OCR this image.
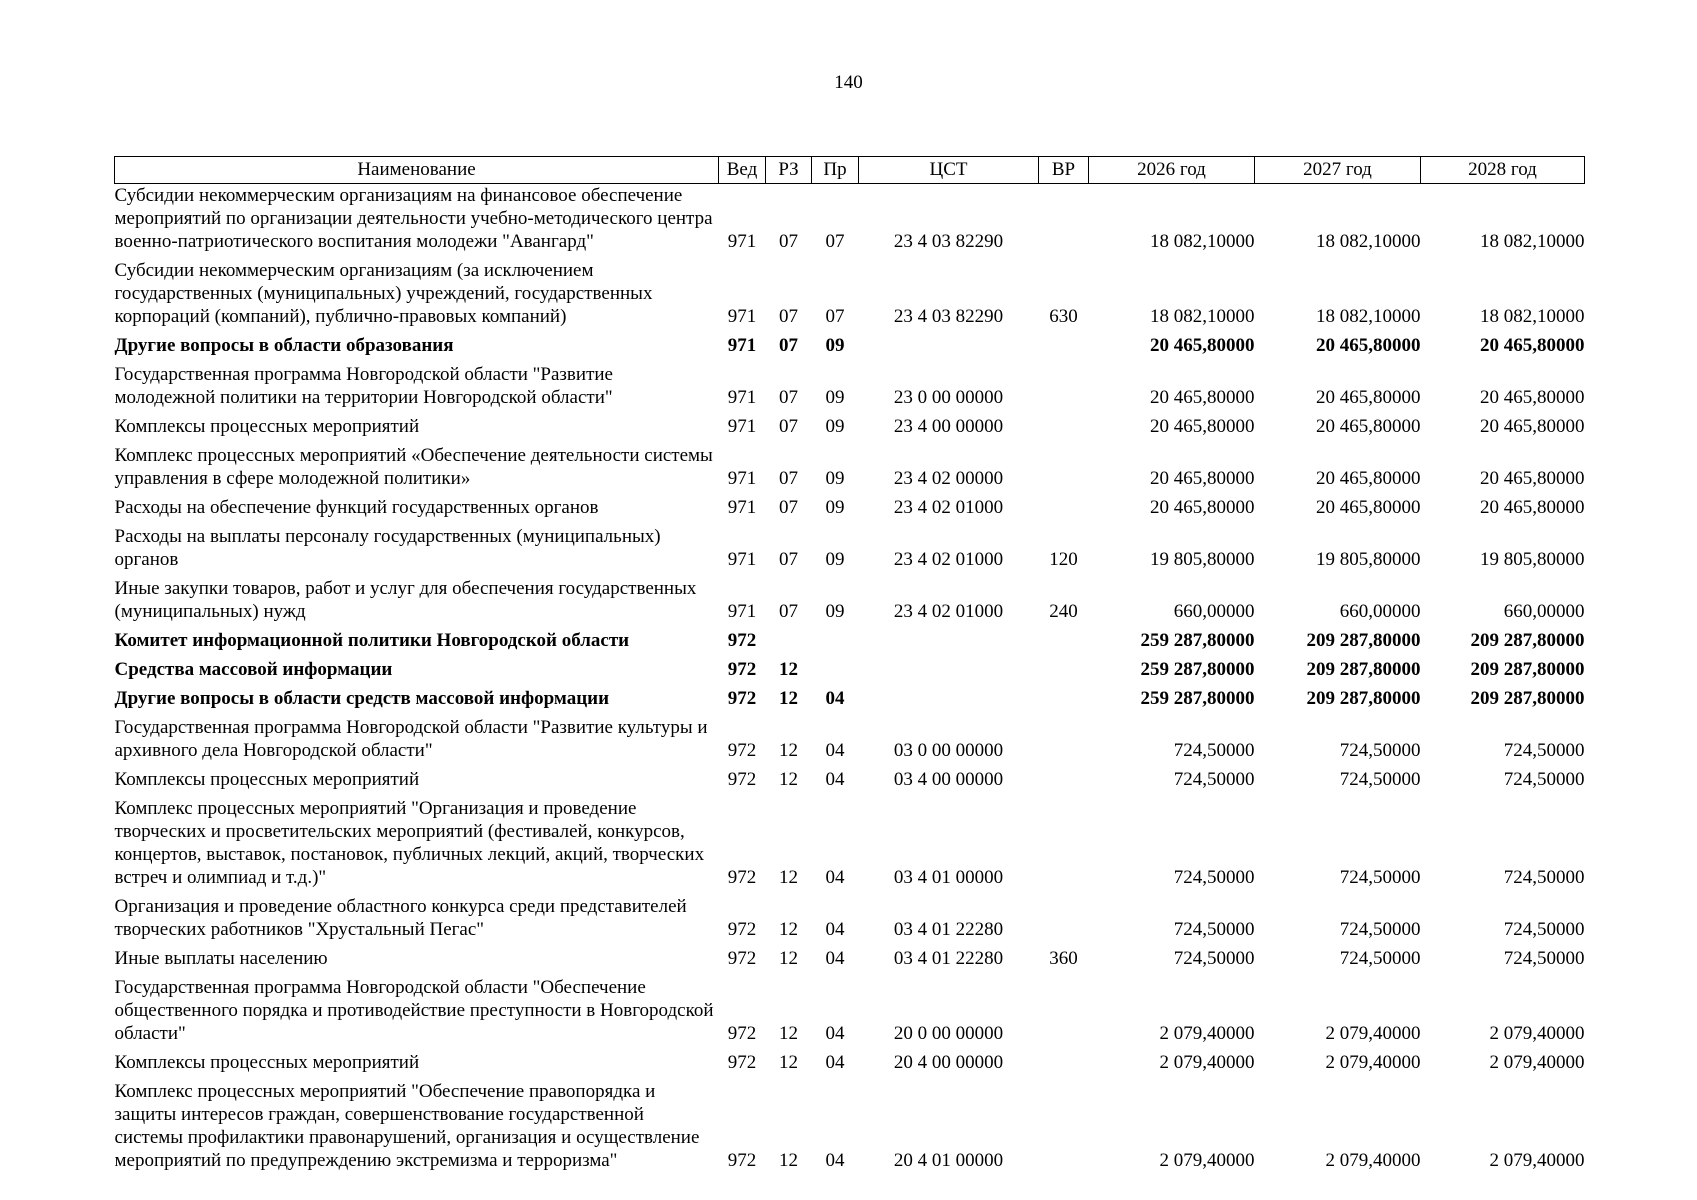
140
Наименование	Вед	РЗ	Пр	ЦСТ	ВР	2026 год	2027 год	2028 год
Субсидии некоммерческим организациям на финансовое обеспечение мероприятий по организации деятельности учебно-методического центра военно-патриотического воспитания молодежи "Авангард"	971	07	07	23 4 03 82290		18 082,10000	18 082,10000	18 082,10000
Субсидии некоммерческим организациям (за исключением государственных (муниципальных) учреждений, государственных корпораций (компаний), публично-правовых компаний)	971	07	07	23 4 03 82290	630	18 082,10000	18 082,10000	18 082,10000
Другие вопросы в области образования	971	07	09			20 465,80000	20 465,80000	20 465,80000
Государственная программа Новгородской области "Развитие молодежной политики на территории Новгородской области"	971	07	09	23 0 00 00000		20 465,80000	20 465,80000	20 465,80000
Комплексы процессных мероприятий	971	07	09	23 4 00 00000		20 465,80000	20 465,80000	20 465,80000
Комплекс процессных мероприятий «Обеспечение деятельности системы управления в сфере молодежной политики»	971	07	09	23 4 02 00000		20 465,80000	20 465,80000	20 465,80000
Расходы на обеспечение функций государственных органов	971	07	09	23 4 02 01000		20 465,80000	20 465,80000	20 465,80000
Расходы на выплаты персоналу государственных (муниципальных) органов	971	07	09	23 4 02 01000	120	19 805,80000	19 805,80000	19 805,80000
Иные закупки товаров, работ и услуг для обеспечения государственных (муниципальных) нужд	971	07	09	23 4 02 01000	240	660,00000	660,00000	660,00000
Комитет информационной политики Новгородской области	972					259 287,80000	209 287,80000	209 287,80000
Средства массовой информации	972	12				259 287,80000	209 287,80000	209 287,80000
Другие вопросы в области средств массовой информации	972	12	04			259 287,80000	209 287,80000	209 287,80000
Государственная программа Новгородской области "Развитие культуры и архивного дела Новгородской области"	972	12	04	03 0 00 00000		724,50000	724,50000	724,50000
Комплексы процессных мероприятий	972	12	04	03 4 00 00000		724,50000	724,50000	724,50000
Комплекс процессных мероприятий "Организация и проведение творческих и просветительских мероприятий (фестивалей, конкурсов, концертов, выставок, постановок, публичных лекций, акций, творческих встреч и олимпиад и т.д.)"	972	12	04	03 4 01 00000		724,50000	724,50000	724,50000
Организация и проведение областного конкурса среди представителей творческих работников "Хрустальный Пегас"	972	12	04	03 4 01 22280		724,50000	724,50000	724,50000
Иные выплаты населению	972	12	04	03 4 01 22280	360	724,50000	724,50000	724,50000
Государственная программа Новгородской области "Обеспечение общественного порядка и противодействие преступности в Новгородской области"	972	12	04	20 0 00 00000		2 079,40000	2 079,40000	2 079,40000
Комплексы процессных мероприятий	972	12	04	20 4 00 00000		2 079,40000	2 079,40000	2 079,40000
Комплекс процессных мероприятий "Обеспечение правопорядка и защиты интересов граждан, совершенствование государственной системы профилактики правонарушений, организация и осуществление мероприятий по предупреждению экстремизма и терроризма"	972	12	04	20 4 01 00000		2 079,40000	2 079,40000	2 079,40000
